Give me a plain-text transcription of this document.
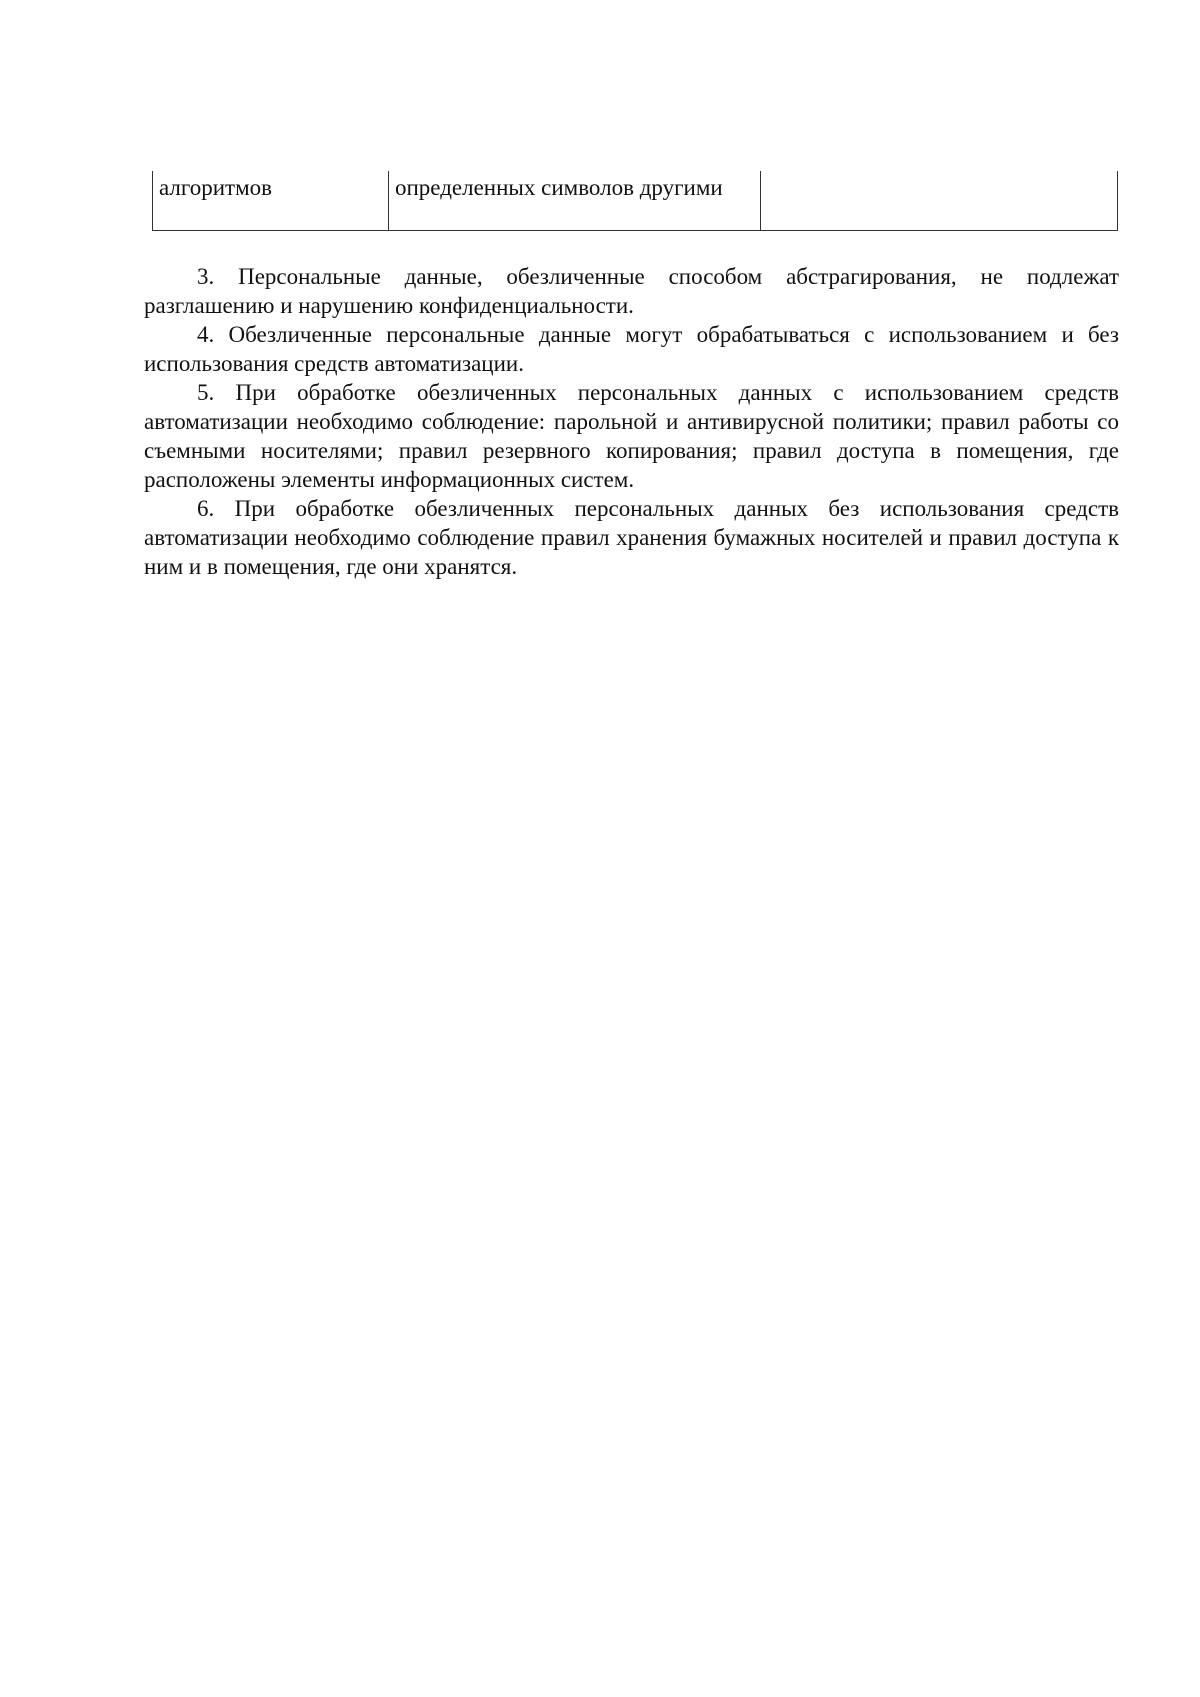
алгоритмов	определенных символов другими	

3. Персональные данные, обезличенные способом абстрагирования, не подлежат разглашению и нарушению конфиденциальности.

4. Обезличенные персональные данные могут обрабатываться с использованием и без использования средств автоматизации.

5. При обработке обезличенных персональных данных с использованием средств автоматизации необходимо соблюдение: парольной и антивирусной политики; правил работы со съемными носителями; правил резервного копирования; правил доступа в помещения, где расположены элементы информационных систем.

6. При обработке обезличенных персональных данных без использования средств автоматизации необходимо соблюдение правил хранения бумажных носителей и правил доступа к ним и в помещения, где они хранятся.
